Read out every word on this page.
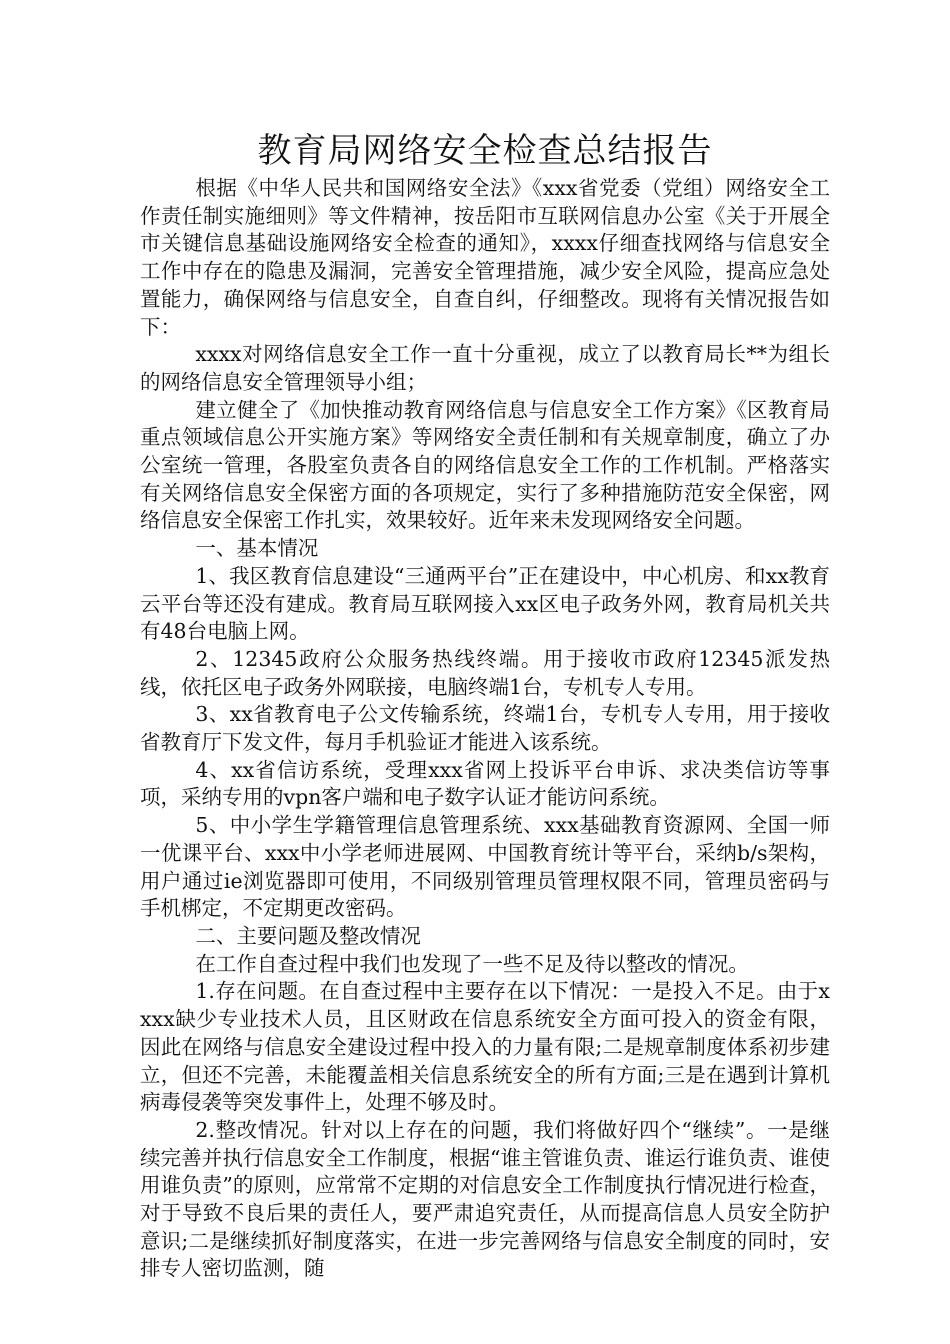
教育局网络安全检查总结报告

根据《中华人民共和国网络安全法》《xxx省党委（党组）网络安全工作责任制实施细则》等文件精神，按岳阳市互联网信息办公室《关于开展全市关键信息基础设施网络安全检查的通知》，xxxx仔细查找网络与信息安全工作中存在的隐患及漏洞，完善安全管理措施，减少安全风险，提高应急处置能力，确保网络与信息安全，自查自纠，仔细整改。现将有关情况报告如下：

xxxx对网络信息安全工作一直十分重视，成立了以教育局长**为组长的网络信息安全管理领导小组；

建立健全了《加快推动教育网络信息与信息安全工作方案》《区教育局重点领域信息公开实施方案》等网络安全责任制和有关规章制度，确立了办公室统一管理，各股室负责各自的网络信息安全工作的工作机制。严格落实有关网络信息安全保密方面的各项规定，实行了多种措施防范安全保密，网络信息安全保密工作扎实，效果较好。近年来未发现网络安全问题。

一、基本情况

1、我区教育信息建设“三通两平台”正在建设中，中心机房、和xx教育云平台等还没有建成。教育局互联网接入xx区电子政务外网，教育局机关共有48台电脑上网。

2、12345政府公众服务热线终端。用于接收市政府12345派发热线，依托区电子政务外网联接，电脑终端1台，专机专人专用。

3、xx省教育电子公文传输系统，终端1台，专机专人专用，用于接收省教育厅下发文件，每月手机验证才能进入该系统。

4、xx省信访系统，受理xxx省网上投诉平台申诉、求决类信访等事项，采纳专用的vpn客户端和电子数字认证才能访问系统。

5、中小学生学籍管理信息管理系统、xxx基础教育资源网、全国一师一优课平台、xxx中小学老师进展网、中国教育统计等平台，采纳b/s架构，用户通过ie浏览器即可使用，不同级别管理员管理权限不同，管理员密码与手机梆定，不定期更改密码。

二、主要问题及整改情况

在工作自查过程中我们也发现了一些不足及待以整改的情况。

1.存在问题。在自查过程中主要存在以下情况：一是投入不足。由于xxxx缺少专业技术人员，且区财政在信息系统安全方面可投入的资金有限，因此在网络与信息安全建设过程中投入的力量有限;二是规章制度体系初步建立，但还不完善，未能覆盖相关信息系统安全的所有方面;三是在遇到计算机病毒侵袭等突发事件上，处理不够及时。

2.整改情况。针对以上存在的问题，我们将做好四个“继续”。一是继续完善并执行信息安全工作制度，根据“谁主管谁负责、谁运行谁负责、谁使用谁负责”的原则，应常常不定期的对信息安全工作制度执行情况进行检查，对于导致不良后果的责任人，要严肃追究责任，从而提高信息人员安全防护意识;二是继续抓好制度落实，在进一步完善网络与信息安全制度的同时，安排专人密切监测，随
